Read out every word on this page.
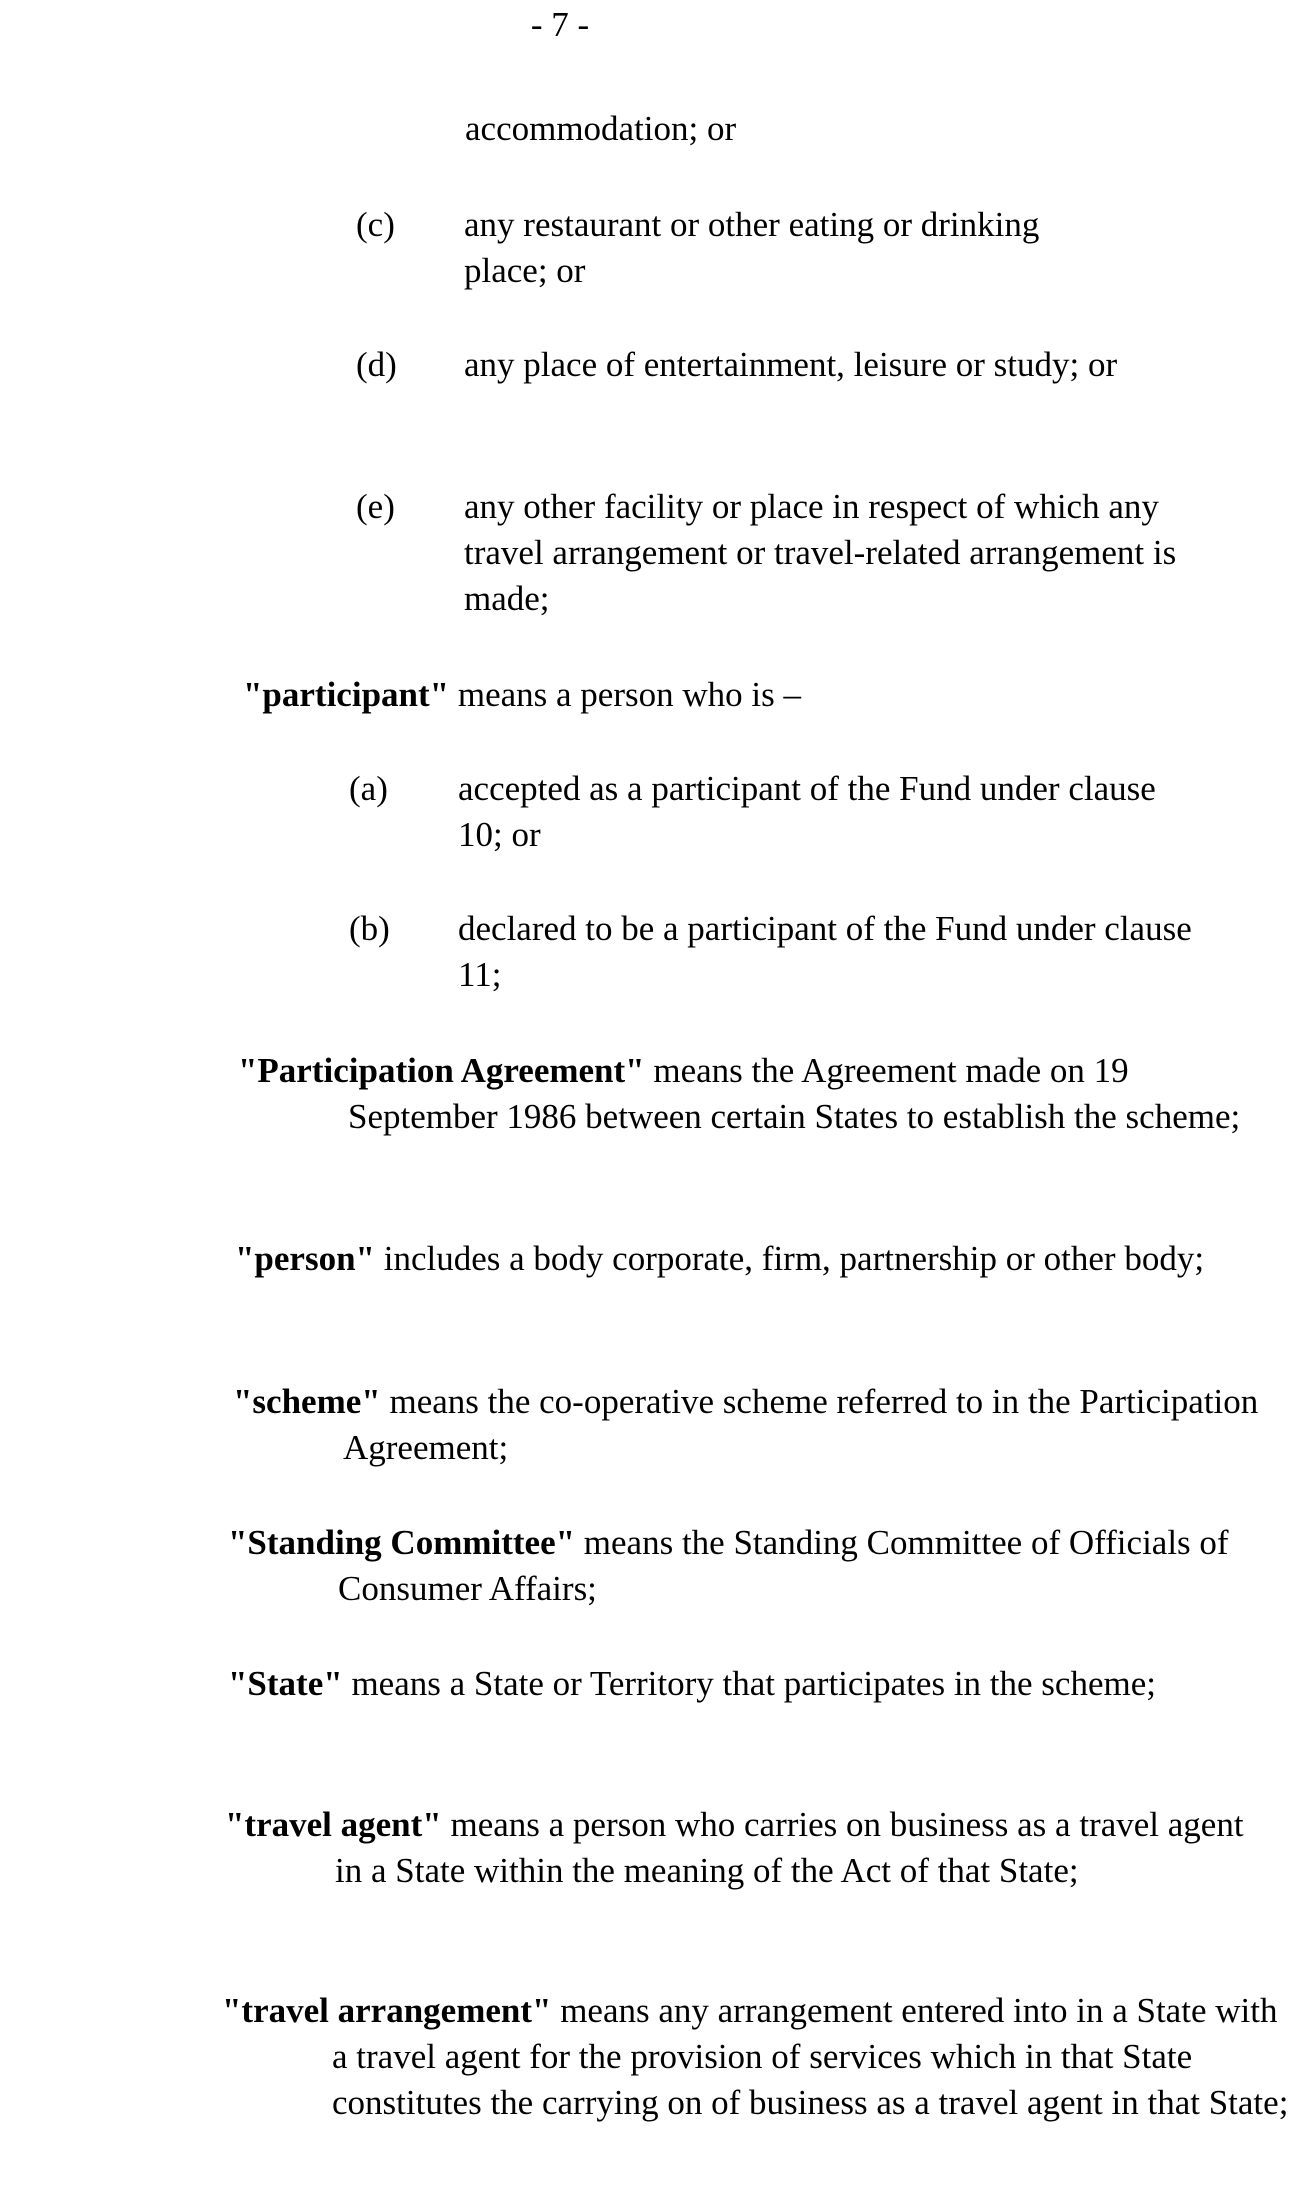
- 7 -
accommodation; or
(c) any restaurant or other eating or drinking place; or
(d) any place of entertainment, leisure or study; or
(e) any other facility or place in respect of which any travel arrangement or travel-related arrangement is made;
"participant" means a person who is –
(a) accepted as a participant of the Fund under clause 10; or
(b) declared to be a participant of the Fund under clause 11;
"Participation Agreement" means the Agreement made on 19 September 1986 between certain States to establish the scheme;
"person" includes a body corporate, firm, partnership or other body;
"scheme" means the co-operative scheme referred to in the Participation Agreement;
"Standing Committee" means the Standing Committee of Officials of Consumer Affairs;
"State" means a State or Territory that participates in the scheme;
"travel agent" means a person who carries on business as a travel agent in a State within the meaning of the Act of that State;
"travel arrangement" means any arrangement entered into in a State with a travel agent for the provision of services which in that State constitutes the carrying on of business as a travel agent in that State;
